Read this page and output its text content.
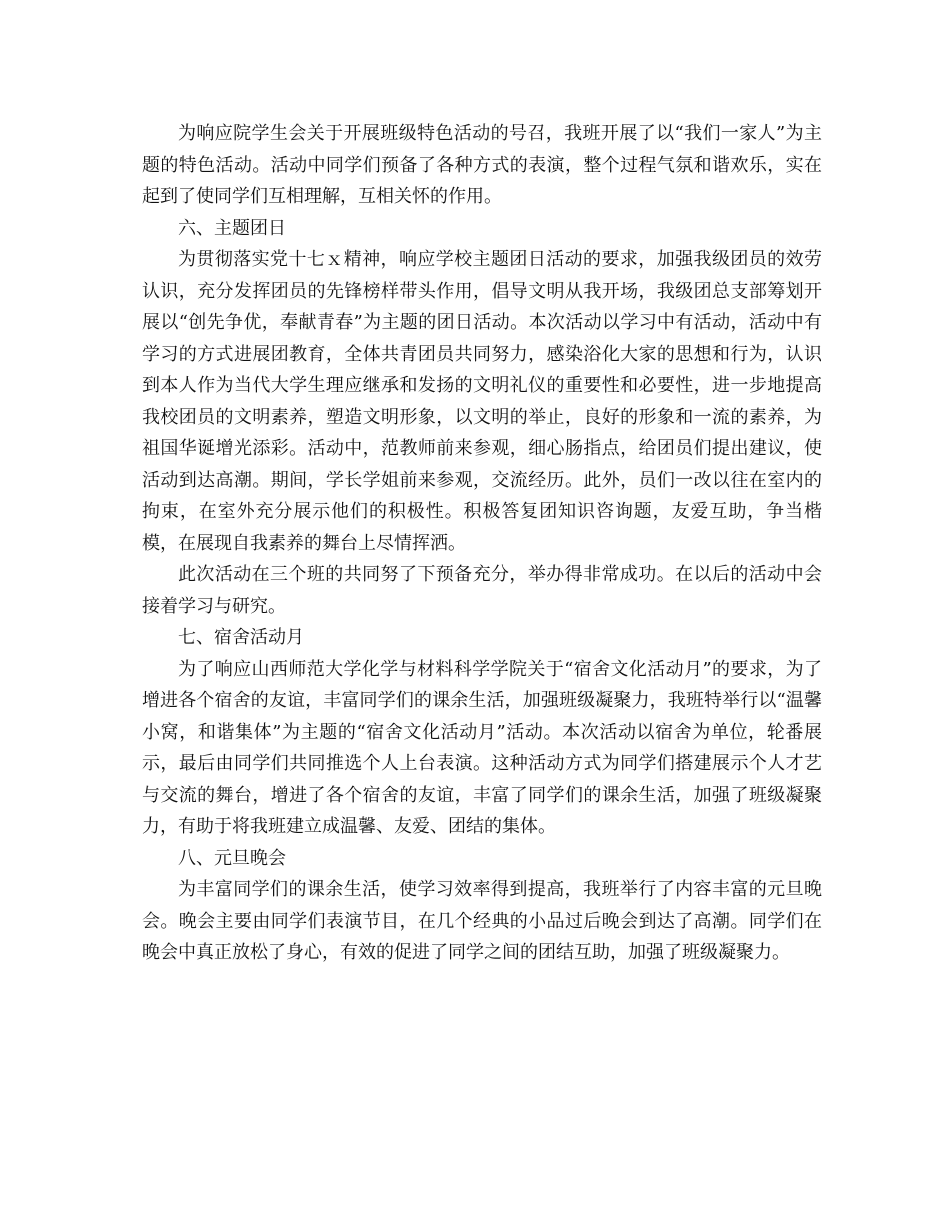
为响应院学生会关于开展班级特色活动的号召，我班开展了以“我们一家人”为主题的特色活动。活动中同学们预备了各种方式的表演，整个过程气氛和谐欢乐，实在起到了使同学们互相理解，互相关怀的作用。

六、主题团日

为贯彻落实党十七ｘ精神，响应学校主题团日活动的要求，加强我级团员的效劳认识，充分发挥团员的先锋榜样带头作用，倡导文明从我开场，我级团总支部筹划开展以“创先争优，奉献青春”为主题的团日活动。本次活动以学习中有活动，活动中有学习的方式进展团教育，全体共青团员共同努力，感染浴化大家的思想和行为，认识到本人作为当代大学生理应继承和发扬的文明礼仪的重要性和必要性，进一步地提高我校团员的文明素养，塑造文明形象，以文明的举止，良好的形象和一流的素养，为祖国华诞增光添彩。活动中，范教师前来参观，细心肠指点，给团员们提出建议，使活动到达高潮。期间，学长学姐前来参观，交流经历。此外，员们一改以往在室内的拘束，在室外充分展示他们的积极性。积极答复团知识咨询题，友爱互助，争当楷模，在展现自我素养的舞台上尽情挥洒。

此次活动在三个班的共同努了下预备充分，举办得非常成功。在以后的活动中会接着学习与研究。

七、宿舍活动月

为了响应山西师范大学化学与材料科学学院关于“宿舍文化活动月”的要求，为了增进各个宿舍的友谊，丰富同学们的课余生活，加强班级凝聚力，我班特举行以“温馨小窝，和谐集体”为主题的“宿舍文化活动月”活动。本次活动以宿舍为单位，轮番展示，最后由同学们共同推选个人上台表演。这种活动方式为同学们搭建展示个人才艺与交流的舞台，增进了各个宿舍的友谊，丰富了同学们的课余生活，加强了班级凝聚力，有助于将我班建立成温馨、友爱、团结的集体。

八、元旦晚会

为丰富同学们的课余生活，使学习效率得到提高，我班举行了内容丰富的元旦晚会。晚会主要由同学们表演节目，在几个经典的小品过后晚会到达了高潮。同学们在晚会中真正放松了身心，有效的促进了同学之间的团结互助，加强了班级凝聚力。
